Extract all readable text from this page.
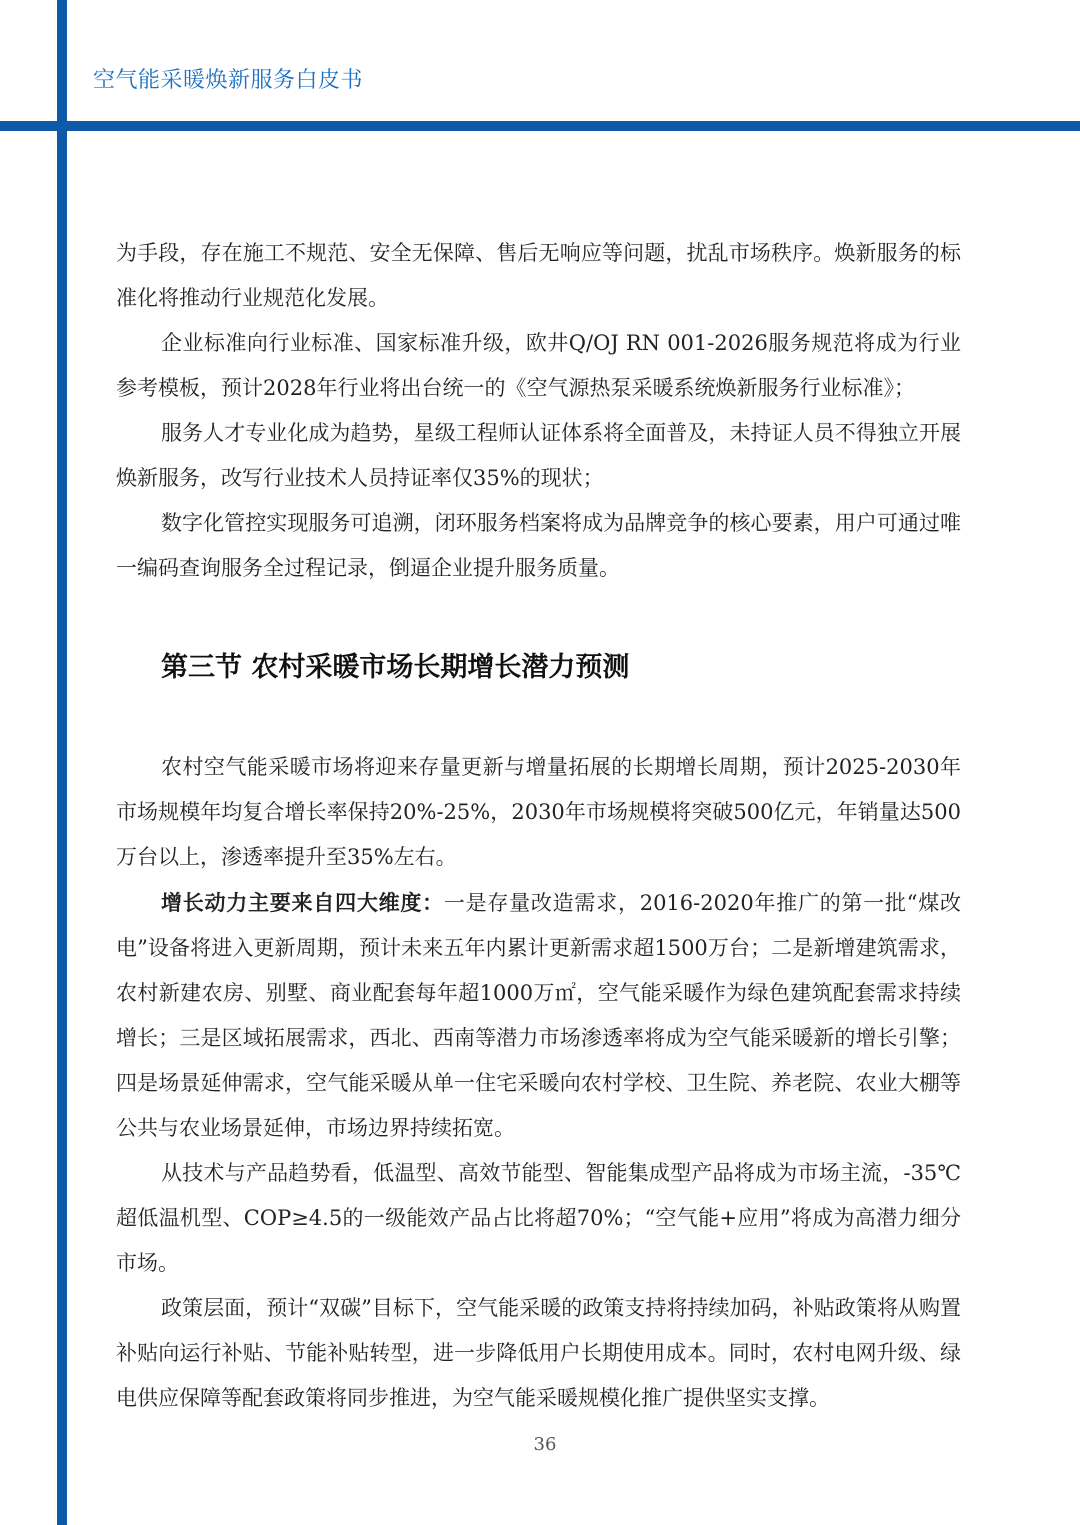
空气能采暖焕新服务白皮书

为手段，存在施工不规范、安全无保障、售后无响应等问题，扰乱市场秩序。焕新服务的标准化将推动行业规范化发展。

企业标准向行业标准、国家标准升级，欧井Q/OJ RN 001-2026服务规范将成为行业参考模板，预计2028年行业将出台统一的《空气源热泵采暖系统焕新服务行业标准》；

服务人才专业化成为趋势，星级工程师认证体系将全面普及，未持证人员不得独立开展焕新服务，改写行业技术人员持证率仅35%的现状；

数字化管控实现服务可追溯，闭环服务档案将成为品牌竞争的核心要素，用户可通过唯一编码查询服务全过程记录，倒逼企业提升服务质量。

第三节 农村采暖市场长期增长潜力预测

农村空气能采暖市场将迎来存量更新与增量拓展的长期增长周期，预计2025-2030年市场规模年均复合增长率保持20%-25%，2030年市场规模将突破500亿元，年销量达500万台以上，渗透率提升至35%左右。

增长动力主要来自四大维度：一是存量改造需求，2016-2020年推广的第一批“煤改电”设备将进入更新周期，预计未来五年内累计更新需求超1500万台；二是新增建筑需求，农村新建农房、别墅、商业配套每年超1000万㎡，空气能采暖作为绿色建筑配套需求持续增长；三是区域拓展需求，西北、西南等潜力市场渗透率将成为空气能采暖新的增长引擎；四是场景延伸需求，空气能采暖从单一住宅采暖向农村学校、卫生院、养老院、农业大棚等公共与农业场景延伸，市场边界持续拓宽。

从技术与产品趋势看，低温型、高效节能型、智能集成型产品将成为市场主流，-35℃超低温机型、COP≥4.5的一级能效产品占比将超70%；“空气能+应用”将成为高潜力细分市场。

政策层面，预计“双碳”目标下，空气能采暖的政策支持将持续加码，补贴政策将从购置补贴向运行补贴、节能补贴转型，进一步降低用户长期使用成本。同时，农村电网升级、绿电供应保障等配套政策将同步推进，为空气能采暖规模化推广提供坚实支撑。

36
